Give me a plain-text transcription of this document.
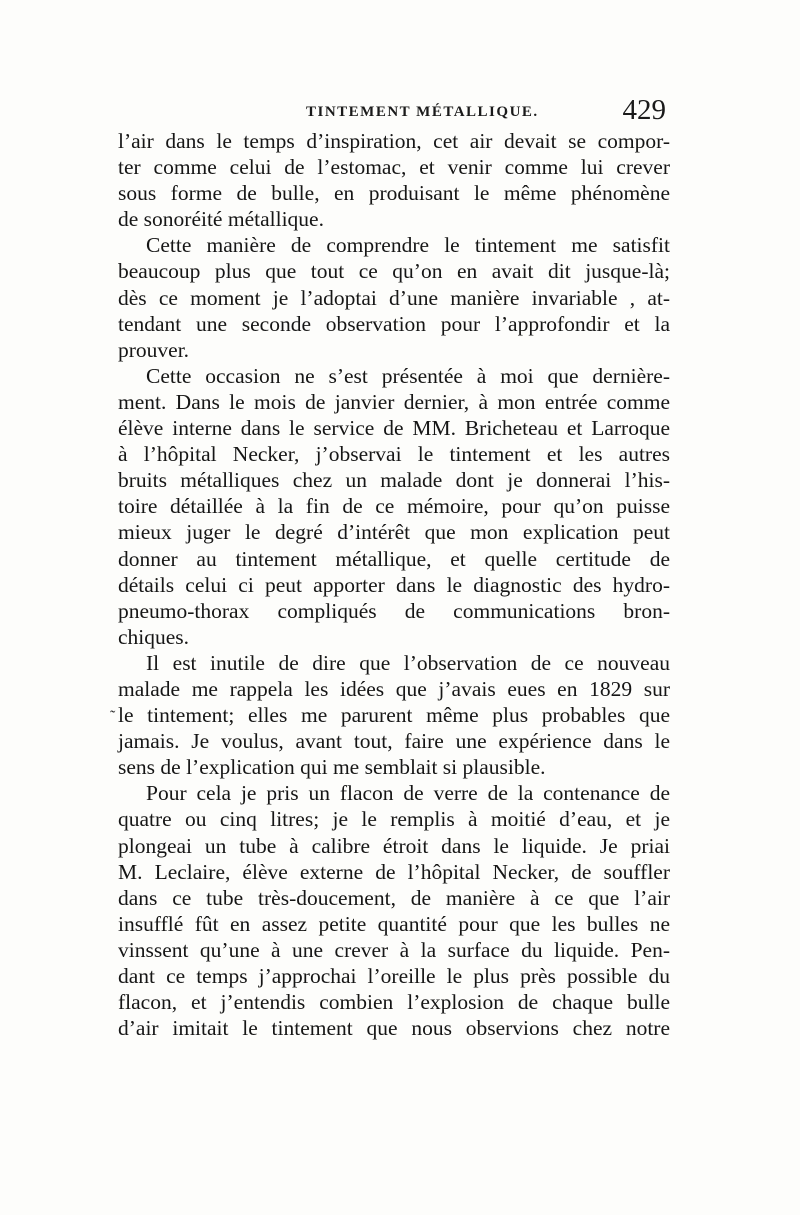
TINTEMENT MÉTALLIQUE.	429
l’air dans le temps d’inspiration, cet air devait se compor-
ter comme celui de l’estomac, et venir comme lui crever
sous forme de bulle, en produisant le même phénomène
de sonoréité métallique.
Cette manière de comprendre le tintement me satisfit
beaucoup plus que tout ce qu’on en avait dit jusque-là;
dès ce moment je l’adoptai d’une manière invariable , at-
tendant une seconde observation pour l’approfondir et la
prouver.
Cette occasion ne s’est présentée à moi que dernière-
ment. Dans le mois de janvier dernier, à mon entrée comme
élève interne dans le service de MM. Bricheteau et Larroque
à l’hôpital Necker, j’observai le tintement et les autres
bruits métalliques chez un malade dont je donnerai l’his-
toire détaillée à la fin de ce mémoire, pour qu’on puisse
mieux juger le degré d’intérêt que mon explication peut
donner au tintement métallique, et quelle certitude de
détails celui ci peut apporter dans le diagnostic des hydro-
pneumo-thorax compliqués de communications bron-
chiques.
Il est inutile de dire que l’observation de ce nouveau
malade me rappela les idées que j’avais eues en 1829 sur
˜ le tintement; elles me parurent même plus probables que
jamais. Je voulus, avant tout, faire une expérience dans le
sens de l’explication qui me semblait si plausible.
Pour cela je pris un flacon de verre de la contenance de
quatre ou cinq litres; je le remplis à moitié d’eau, et je
plongeai un tube à calibre étroit dans le liquide. Je priai
M. Leclaire, élève externe de l’hôpital Necker, de souffler
dans ce tube très-doucement, de manière à ce que l’air
insufflé fût en assez petite quantité pour que les bulles ne
vinssent qu’une à une crever à la surface du liquide. Pen-
dant ce temps j’approchai l’oreille le plus près possible du
flacon, et j’entendis combien l’explosion de chaque bulle
d’air imitait le tintement que nous observions chez notre
